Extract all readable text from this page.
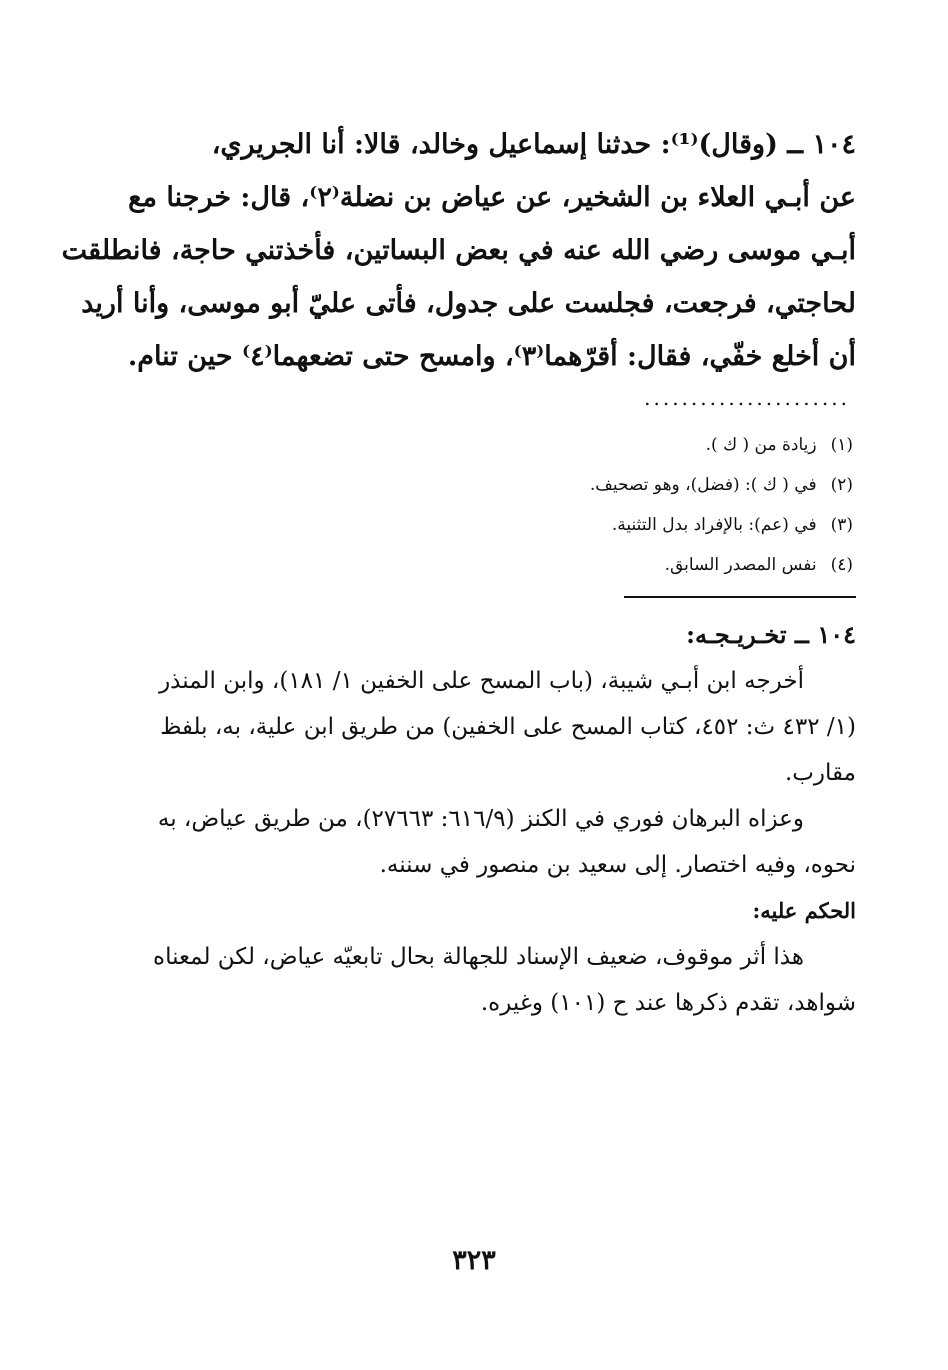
١٠٤ ــ (وقال)⁽¹⁾: حدثنا إسماعيل وخالد، قالا: أنا الجريري،
عن أبـي العلاء بن الشخير، عن عياض بن نضلة⁽٢⁾، قال: خرجنا مع
أبـي موسى رضي الله عنه في بعض البساتين، فأخذتني حاجة، فانطلقت
لحاجتي، فرجعت، فجلست على جدول، فأتى عليّ أبو موسى، وأنا أريد
أن أخلع خفّي، فقال: أقرّهما⁽٣⁾، وامسح حتى تضعهما⁽٤⁾ حين تنام.
......................
(١)زيادة من ( ك ).
(٢)في ( ك ): (فضل)، وهو تصحيف.
(٣)في (عم): بالإفراد بدل التثنية.
(٤)نفس المصدر السابق.
١٠٤ ــ تخـريـجـه:
أخرجه ابن أبـي شيبة، (باب المسح على الخفين ١/ ١٨١)، وابن المنذر
(١/ ٤٣٢ ث: ٤٥٢، كتاب المسح على الخفين) من طريق ابن علية، به، بلفظ
مقارب.
وعزاه البرهان فوري في الكنز (٦١٦/٩: ٢٧٦٦٣)، من طريق عياض، به
نحوه، وفيه اختصار. إلى سعيد بن منصور في سننه.
الحكم عليه:
هذا أثر موقوف، ضعيف الإسناد للجهالة بحال تابعيّه عياض، لكن لمعناه
شواهد، تقدم ذكرها عند ح (١٠١) وغيره.
٣٢٣
